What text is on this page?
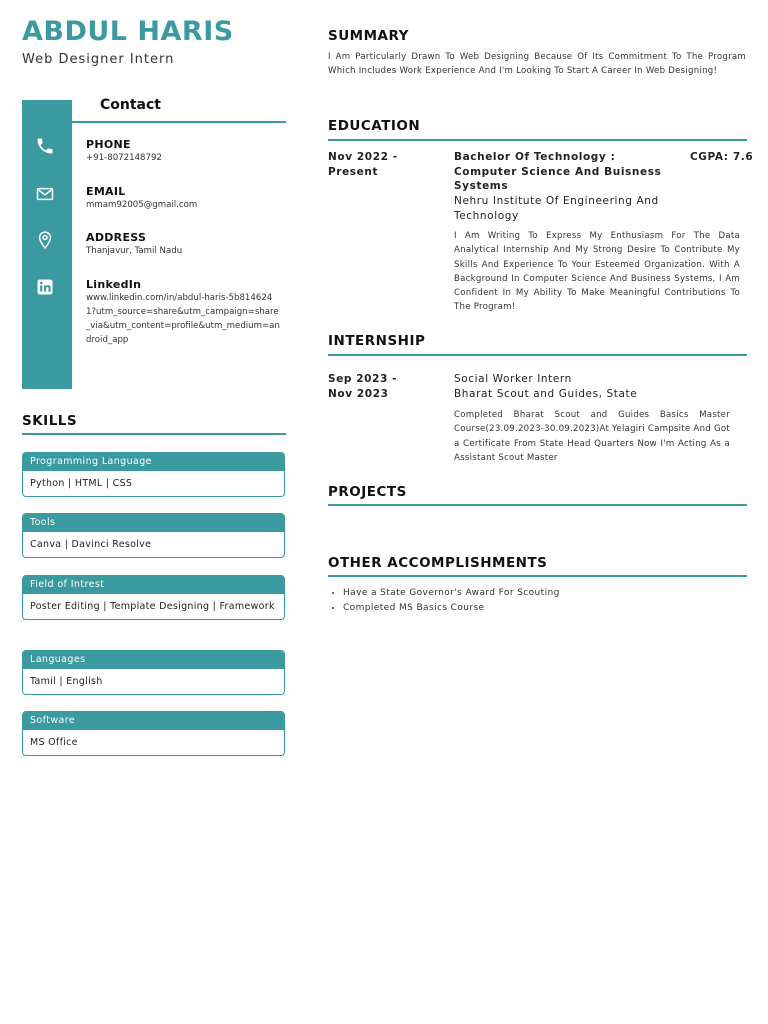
ABDUL HARIS
Web Designer Intern
Contact
PHONE
+91-8072148792
EMAIL
mmam92005@gmail.com
ADDRESS
Thanjavur, Tamil Nadu
LinkedIn
www.linkedin.com/in/abdul-haris-5b8146241?utm_source=share&utm_campaign=share_via&utm_content=profile&utm_medium=android_app
SKILLS
Programming Language
Python | HTML | CSS
Tools
Canva | Davinci Resolve
Field of Intrest
Poster Editing | Template Designing | Framework
Languages
Tamil | English
Software
MS Office
SUMMARY
I Am Particularly Drawn To Web Designing Because Of Its Commitment To The Program Which Includes Work Experience And I'm Looking To Start A Career In Web Designing!
EDUCATION
Nov 2022 -
Present
Bachelor Of Technology :
Computer Science And Buisness Systems
CGPA: 7.6
Nehru Institute Of Engineering And Technology
I Am Writing To Express My Enthusiasm For The Data Analytical Internship And My Strong Desire To Contribute My Skills And Experience To Your Esteemed Organization. With A Background In Computer Science And Business Systems, I Am Confident In My Ability To Make Meaningful Contributions To The Program!
INTERNSHIP
Sep 2023 -
Nov 2023
Social Worker Intern
Bharat Scout and Guides, State
Completed Bharat Scout and Guides Basics Master Course(23.09.2023-30.09.2023)At Yelagiri Campsite And Got a Certificate From State Head Quarters Now I'm Acting As a Assistant Scout Master
PROJECTS
OTHER ACCOMPLISHMENTS
• Have a State Governor's Award For Scouting
• Completed MS Basics Course
